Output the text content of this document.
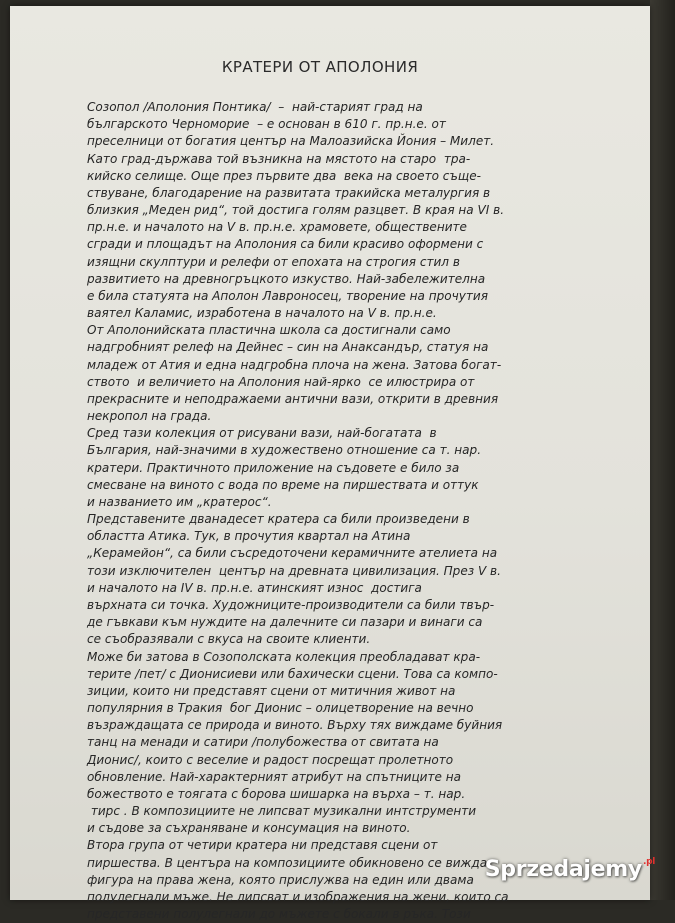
КРАТЕРИ ОТ АПОЛОНИЯ
Созопол /Аполония Понтика/  –  най-старият град на
българското Черноморие  – е основан в 610 г. пр.н.е. от
преселници от богатия център на Малоазийска Йония – Милет.
Като град-държава той възникна на мястото на старо  тра-
кийско селище. Още през първите два  века на своето съще-
ствуване, благодарение на развитата тракийска металургия в
близкия „Меден рид“, той достига голям разцвет. В края на VI в.
пр.н.е. и началото на V в. пр.н.е. храмовете, обществените
сгради и площадът на Аполония са били красиво оформени с
изящни скулптури и релефи от епохата на строгия стил в
развитието на древногръцкото изкуство. Най-забележителна
е била статуята на Аполон Лавроносец, творение на прочутия
ваятел Каламис, изработена в началото на V в. пр.н.е.
От Аполонийската пластична школа са достигнали само
надгробният релеф на Дейнес – син на Анаксандър, статуя на
младеж от Атия и една надгробна плоча на жена. Затова богат-
ството  и величието на Аполония най-ярко  се илюстрира от
прекрасните и неподражаеми антични вази, открити в древния
некропол на града.
Сред тази колекция от рисувани вази, най-богатата  в
България, най-значими в художествено отношение са т. нар.
кратери. Практичното приложение на съдовете е било за
смесване на виното с вода по време на пиршествата и оттук
и названието им „кратерос“.
Представените дванадесет кратера са били произведени в
областта Атика. Тук, в прочутия квартал на Атина
„Керамейон“, са били съсредоточени керамичните ателиета на
този изключителен  център на древната цивилизация. През V в.
и началото на IV в. пр.н.е. атинският износ  достига
върхната си точка. Художниците-производители са били твър-
де гъвкави към нуждите на далечните си пазари и винаги са
се съобразявали с вкуса на своите клиенти.
Може би затова в Созополската колекция преобладават кра-
терите /пет/ с Дионисиеви или бахически сцени. Това са компо-
зиции, които ни представят сцени от митичния живот на
популярния в Тракия  бог Дионис – олицетворение на вечно
възраждащата се природа и виното. Върху тях виждаме буйния
танц на менади и сатири /полубожества от свитата на
Дионис/, които с веселие и радост посрещат пролетното
обновление. Най-характерният атрибут на спътниците на
божеството е тоягата с борова шишарка на върха – т. нар.
тирс . В композициите не липсват музикални интструменти
и съдове за съхраняване и консумация на виното.
Втора група от четири кратера ни представя сцени от
пиршества. В центъра на композициите обикновено се вижда
фигура на права жена, която прислужва на един или двама
полулегнали мъже. Не липсват и изображения на жени, които са
представени полулегнали до мъжете с бокали в ръка. Този
Sprzedajemy$^{.pl}$
